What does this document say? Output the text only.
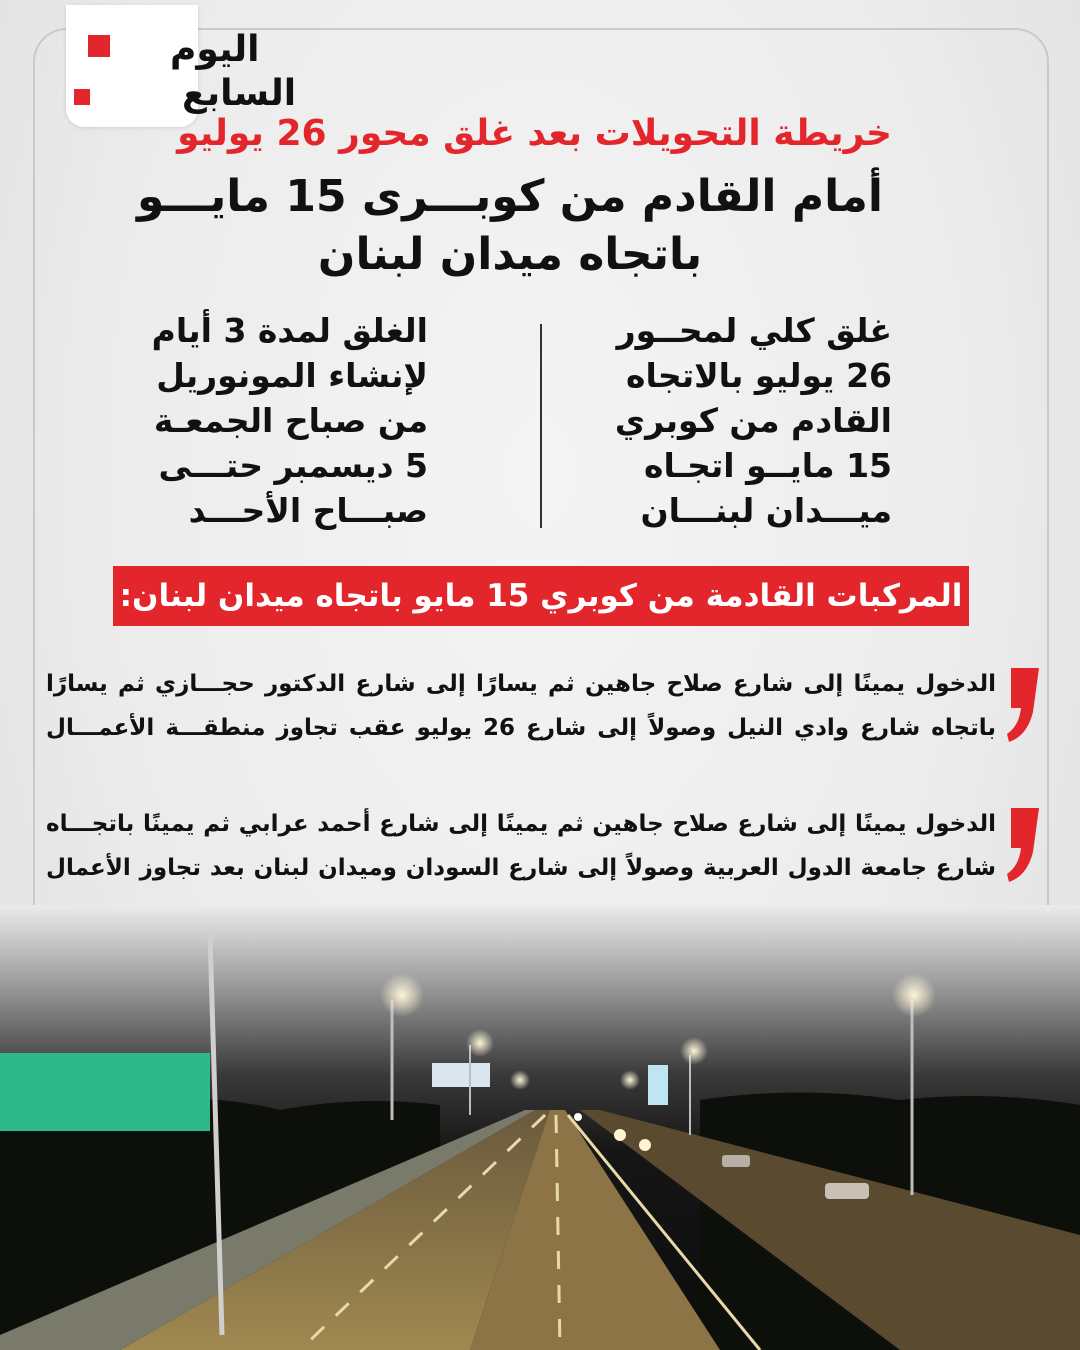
اليوم
السابع
خريطة التحويلات بعد غلق محور 26 يوليو
أمام القادم من كوبـــرى 15 مايـــو
باتجاه ميدان لبنان
غلق كلي لمحــور
26 يوليو بالاتجاه
القادم من كوبري
15 مايــو اتجـاه
ميـــدان لبنـــان
الغلق لمدة 3 أيام
لإنشاء المونوريل
من صباح الجمعـة
5 ديسمبر حتـــى
صبـــاح الأحـــد
المركبات القادمة من كوبري 15 مايو باتجاه ميدان لبنان:
الدخول يمينًا إلى شارع صلاح جاهين ثم يسارًا إلى شارع الدكتور حجـــازي ثم يسارًا
باتجاه شارع وادي النيل وصولاً إلى شارع 26 يوليو عقب تجاوز منطقـــة الأعمـــال
الدخول يمينًا إلى شارع صلاح جاهين ثم يمينًا إلى شارع أحمد عرابي ثم يمينًا باتجـــاه
شارع جامعة الدول العربية وصولاً إلى شارع السودان وميدان لبنان بعد تجاوز الأعمال
